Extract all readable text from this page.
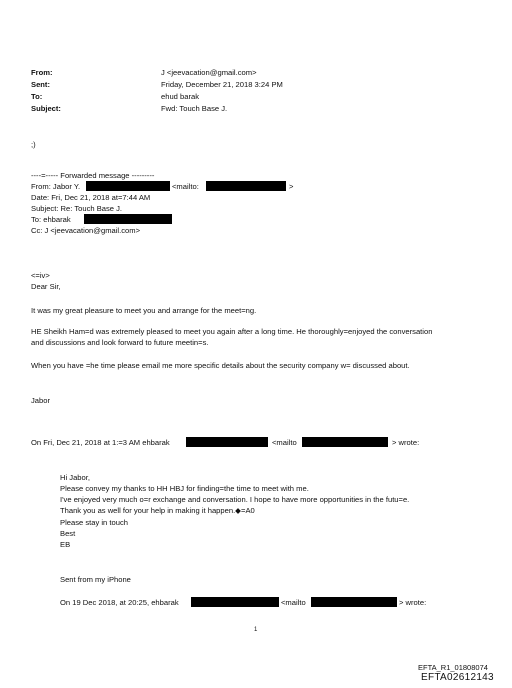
From:	J <jeevacation@gmail.com>
Sent:	Friday, December 21, 2018 3:24 PM
To:	ehud barak
Subject:	Fwd: Touch Base J.
;)
----=----- Forwarded message ---------
From: Jabor Y.	<mailto:	>
Date: Fri, Dec 21, 2018 at=7:44 AM
Subject: Re: Touch Base J.
To: ehbarak
Cc: J <jeevacation@gmail.com>
<=iv>
Dear Sir,
It was my great pleasure to meet you and arrange for the meet=ng.
HE Sheikh Ham=d was extremely pleased to meet you again after a long time. He thoroughly=enjoyed the conversation
and discussions and look forward to future meetin=s.
When you have =he time please email me more specific details about the security company w= discussed about.
Jabor
On Fri, Dec 21, 2018 at 1:=3 AM ehbarak	<mailto	> wrote:
Hi Jabor,
Please convey my thanks to HH HBJ for finding=the time to meet with me.
I've enjoyed very much o=r exchange and conversation. I hope to have more opportunities in the futu=e.
Thank you as well for your help in making it happen.◆=A0
Please stay in touch
Best
EB
Sent from my iPhone
On 19 Dec 2018, at 20:25, ehbarak	<mailto	> wrote:
1
EFTA_R1_01808074
EFTA02612143
